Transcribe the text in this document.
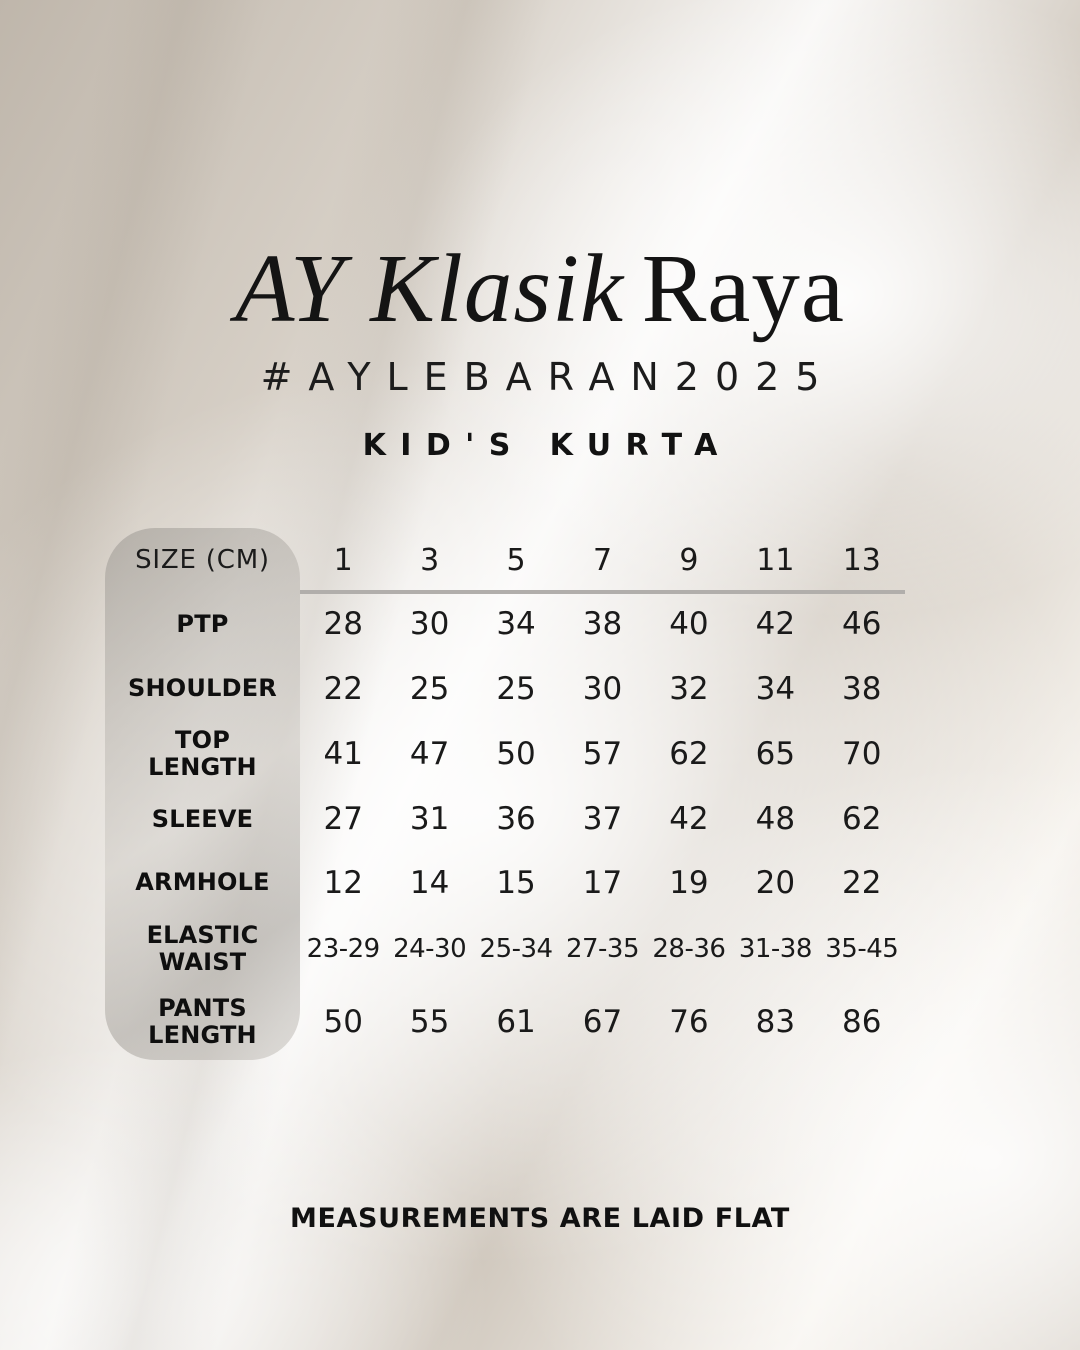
AY Klasik Raya
#AYLEBARAN2025
KID'S KURTA
SIZE (CM)	1	3	5	7	9	11	13
PTP	28	30	34	38	40	42	46
SHOULDER	22	25	25	30	32	34	38
TOP LENGTH	41	47	50	57	62	65	70
SLEEVE	27	31	36	37	42	48	62
ARMHOLE	12	14	15	17	19	20	22
ELASTIC WAIST	23-29 24-30 25-34 27-35 28-36 31-38 35-45
PANTS LENGTH	50	55	61	67	76	83	86
MEASUREMENTS ARE LAID FLAT
